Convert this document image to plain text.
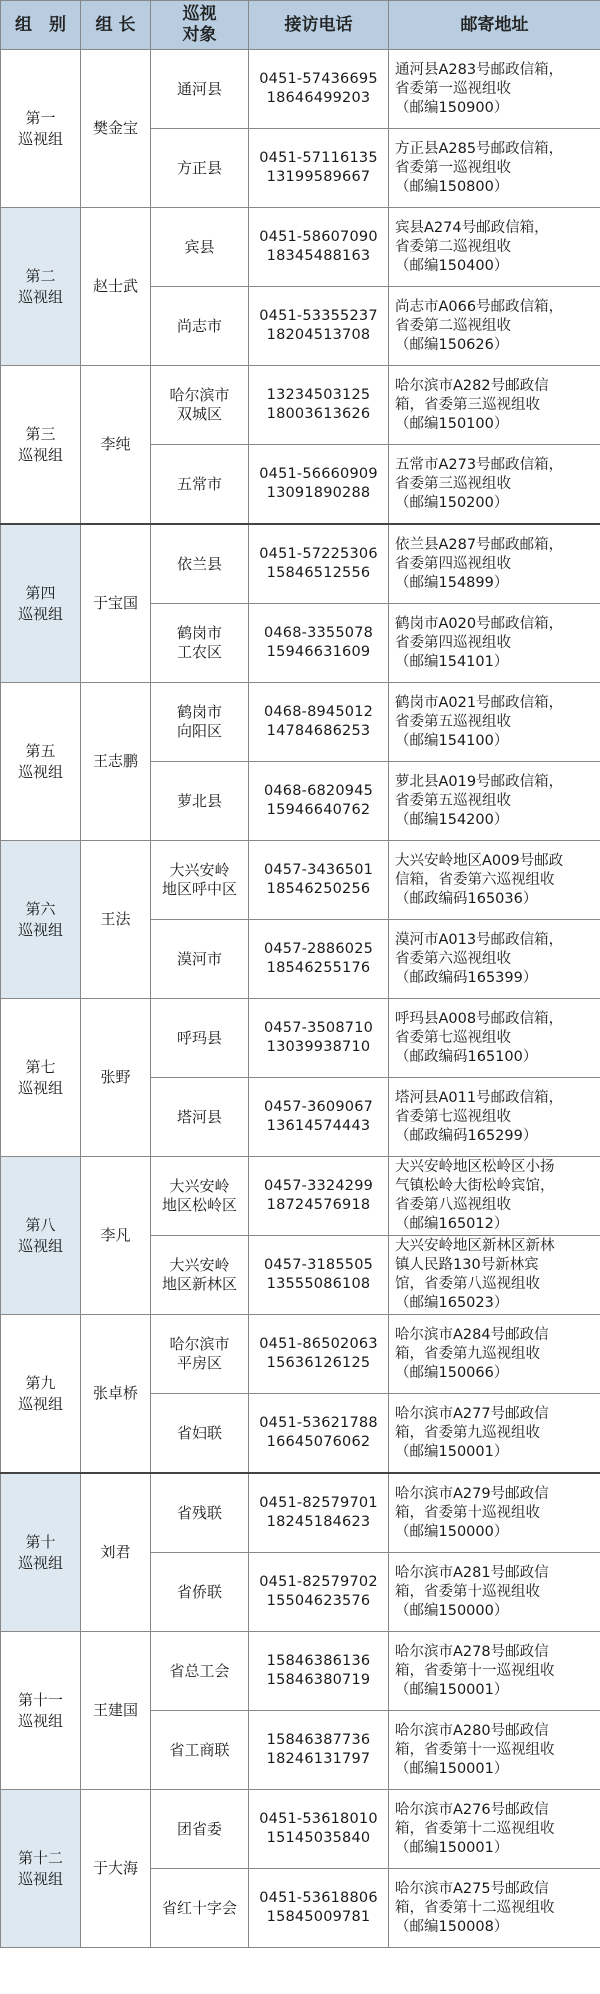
组　别	组 长	巡视
对象	接访电话	邮寄地址

第一
巡视组	樊金宝	通河县	0451-57436695
18646499203	通河县A283号邮政信箱，
省委第一巡视组收
（邮编150900）

		方正县	0451-57116135
13199589667	方正县A285号邮政信箱，
省委第一巡视组收
（邮编150800）

第二
巡视组	赵士武	宾县	0451-58607090
18345488163	宾县A274号邮政信箱，
省委第二巡视组收
（邮编150400）

		尚志市	0451-53355237
18204513708	尚志市A066号邮政信箱，
省委第二巡视组收
（邮编150626）

第三
巡视组	李纯	哈尔滨市
双城区	13234503125
18003613626	哈尔滨市A282号邮政信
箱，省委第三巡视组收
（邮编150100）

		五常市	0451-56660909
13091890288	五常市A273号邮政信箱，
省委第三巡视组收
（邮编150200）

第四
巡视组	于宝国	依兰县	0451-57225306
15846512556	依兰县A287号邮政邮箱，
省委第四巡视组收
（邮编154899）

		鹤岗市
工农区	0468-3355078
15946631609	鹤岗市A020号邮政信箱，
省委第四巡视组收
（邮编154101）

第五
巡视组	王志鹏	鹤岗市
向阳区	0468-8945012
14784686253	鹤岗市A021号邮政信箱，
省委第五巡视组收
（邮编154100）

		萝北县	0468-6820945
15946640762	萝北县A019号邮政信箱，
省委第五巡视组收
（邮编154200）

第六
巡视组	王法	大兴安岭
地区呼中区	0457-3436501
18546250256	大兴安岭地区A009号邮政
信箱，省委第六巡视组收
（邮政编码165036）

		漠河市	0457-2886025
18546255176	漠河市A013号邮政信箱，
省委第六巡视组收
（邮政编码165399）

第七
巡视组	张野	呼玛县	0457-3508710
13039938710	呼玛县A008号邮政信箱，
省委第七巡视组收
（邮政编码165100）

		塔河县	0457-3609067
13614574443	塔河县A011号邮政信箱，
省委第七巡视组收
（邮政编码165299）

第八
巡视组	李凡	大兴安岭
地区松岭区	0457-3324299
18724576918	大兴安岭地区松岭区小扬
气镇松岭大街松岭宾馆，
省委第八巡视组收
（邮编165012）

		大兴安岭
地区新林区	0457-3185505
13555086108	大兴安岭地区新林区新林
镇人民路130号新林宾
馆，省委第八巡视组收
（邮编165023）

第九
巡视组	张卓桥	哈尔滨市
平房区	0451-86502063
15636126125	哈尔滨市A284号邮政信
箱，省委第九巡视组收
（邮编150066）

		省妇联	0451-53621788
16645076062	哈尔滨市A277号邮政信
箱，省委第九巡视组收
（邮编150001）

第十
巡视组	刘君	省残联	0451-82579701
18245184623	哈尔滨市A279号邮政信
箱，省委第十巡视组收
（邮编150000）

		省侨联	0451-82579702
15504623576	哈尔滨市A281号邮政信
箱，省委第十巡视组收
（邮编150000）

第十一
巡视组	王建国	省总工会	15846386136
15846380719	哈尔滨市A278号邮政信
箱，省委第十一巡视组收
（邮编150001）

		省工商联	15846387736
18246131797	哈尔滨市A280号邮政信
箱，省委第十一巡视组收
（邮编150001）

第十二
巡视组	于大海	团省委	0451-53618010
15145035840	哈尔滨市A276号邮政信
箱，省委第十二巡视组收
（邮编150001）

		省红十字会	0451-53618806
15845009781	哈尔滨市A275号邮政信
箱，省委第十二巡视组收
（邮编150008）
